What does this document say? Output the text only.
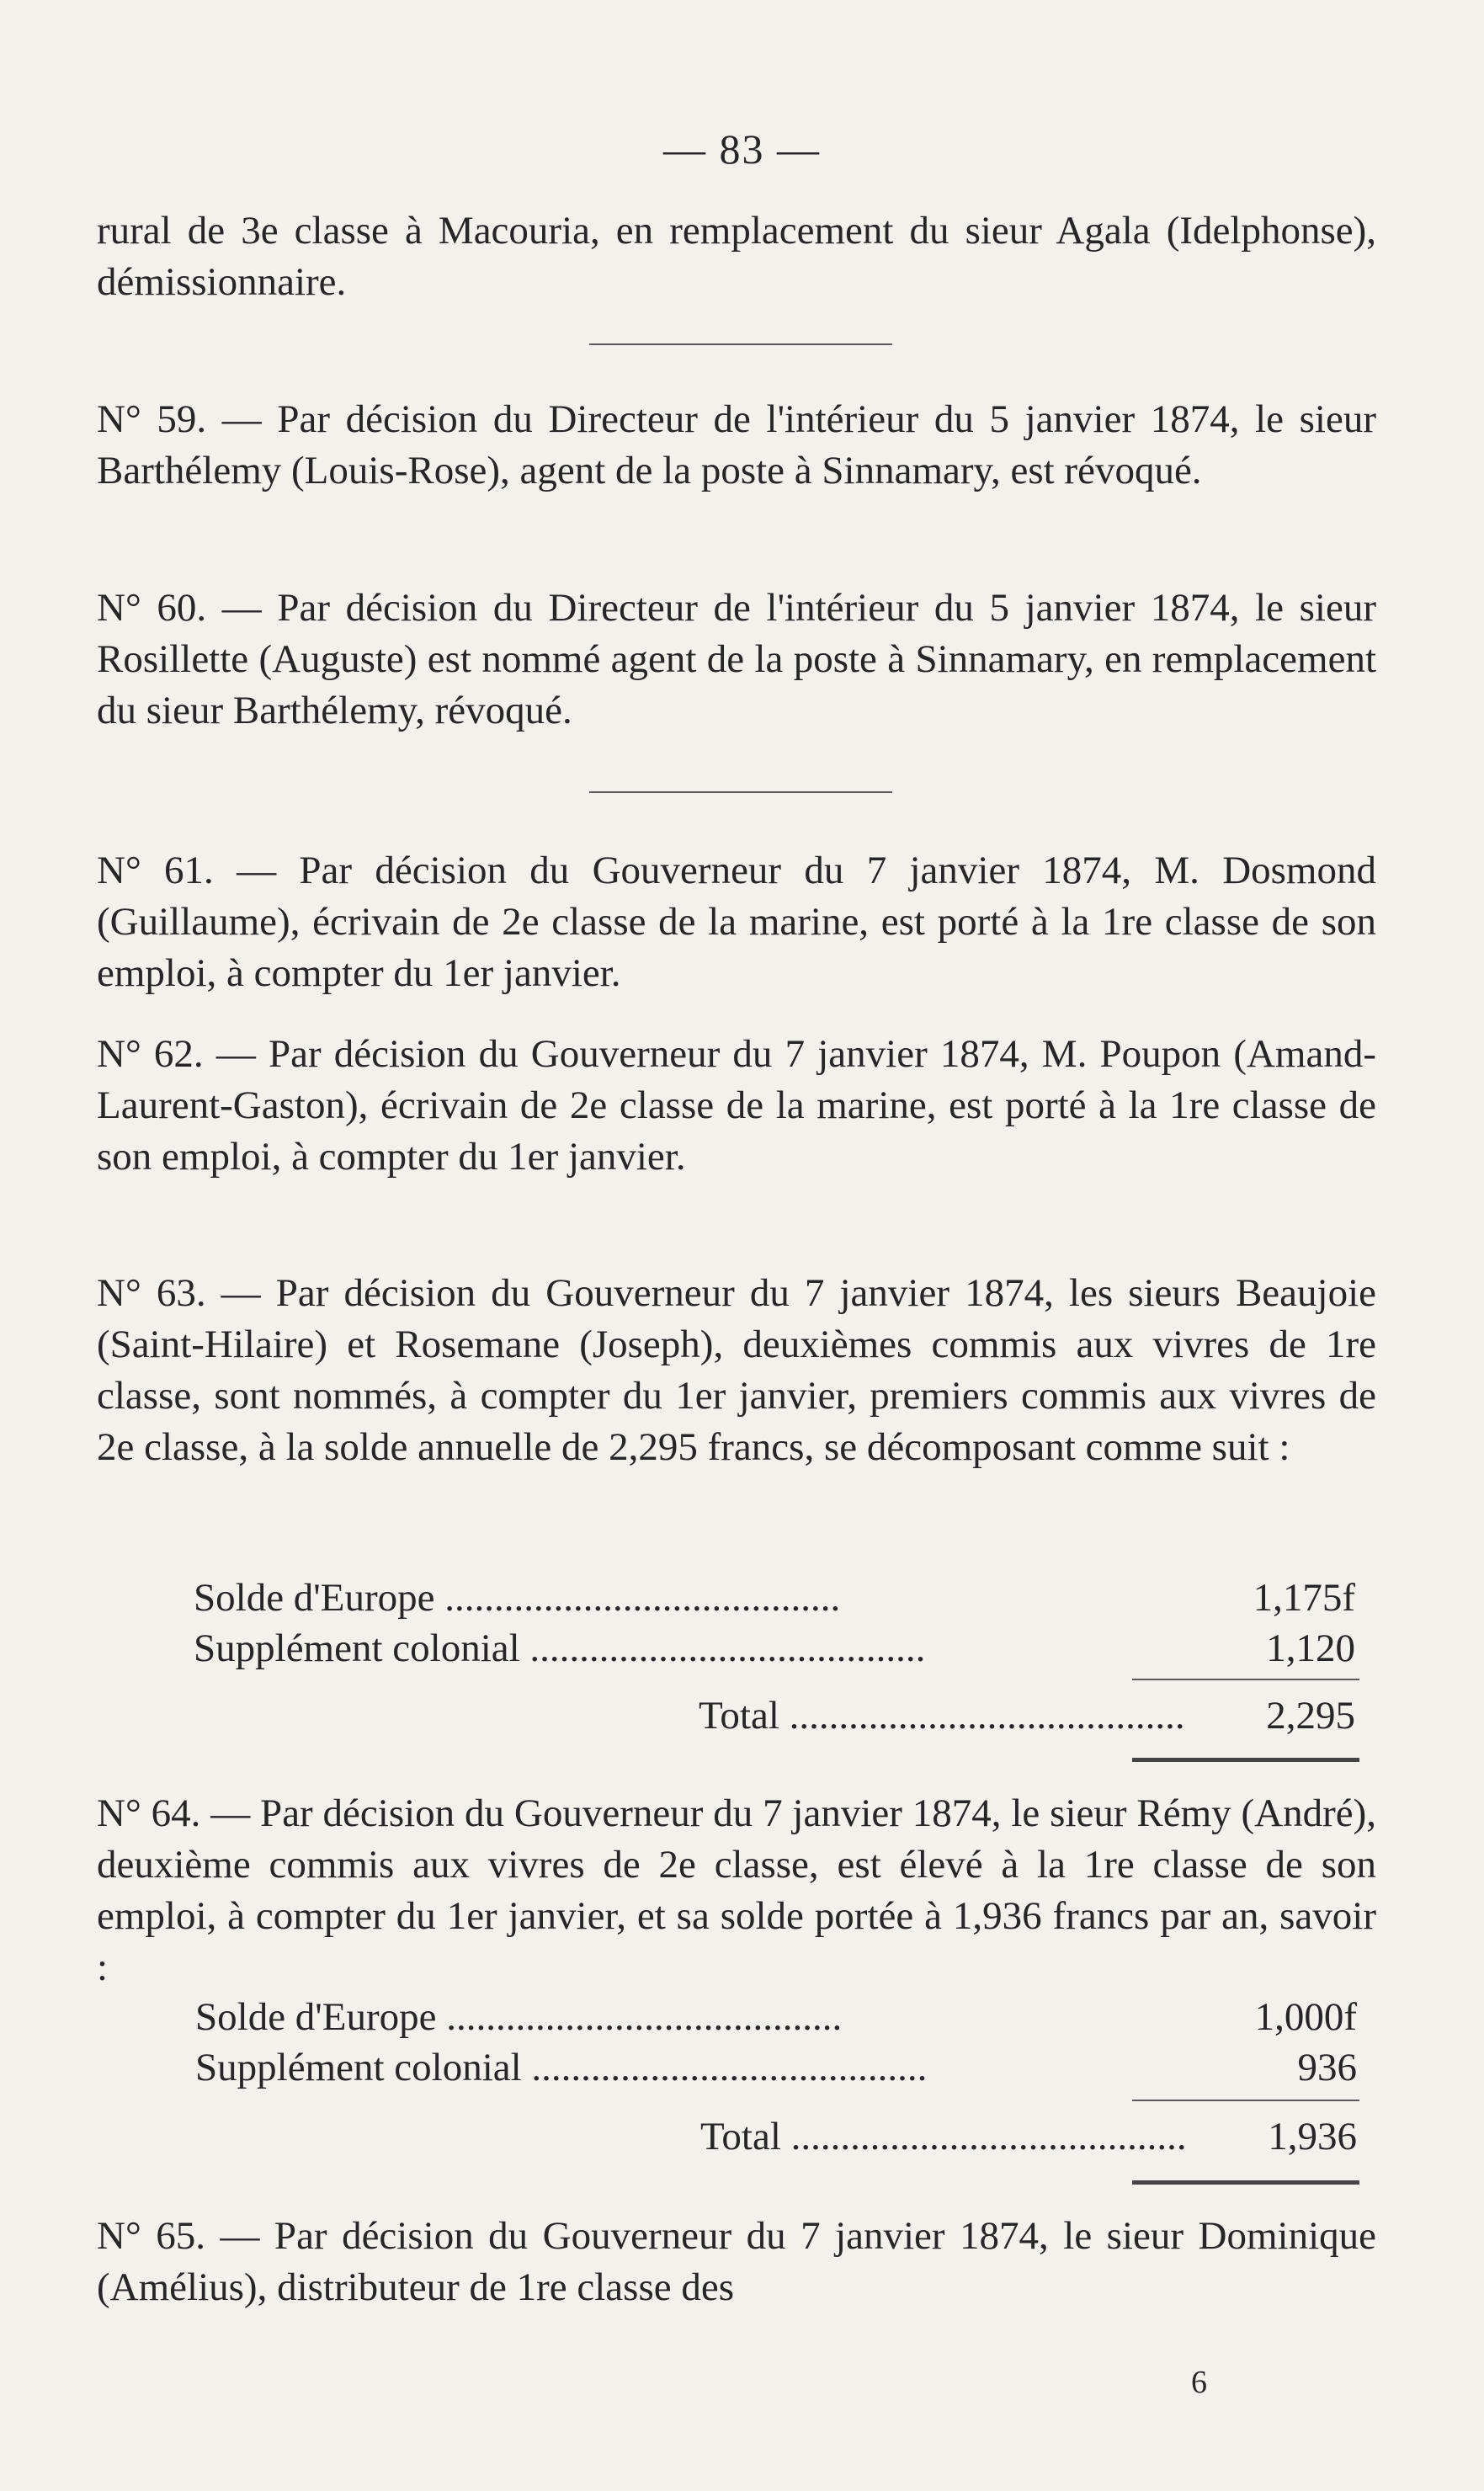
— 83 —

rural de 3e classe à Macouria, en remplacement du sieur Agala (Idelphonse), démissionnaire.

N° 59. — Par décision du Directeur de l'intérieur du 5 janvier 1874, le sieur Barthélemy (Louis-Rose), agent de la poste à Sinnamary, est révoqué.

N° 60. — Par décision du Directeur de l'intérieur du 5 janvier 1874, le sieur Rosillette (Auguste) est nommé agent de la poste à Sinnamary, en remplacement du sieur Barthélemy, révoqué.

N° 61. — Par décision du Gouverneur du 7 janvier 1874, M. Dosmond (Guillaume), écrivain de 2e classe de la marine, est porté à la 1re classe de son emploi, à compter du 1er janvier.

N° 62. — Par décision du Gouverneur du 7 janvier 1874, M. Poupon (Amand-Laurent-Gaston), écrivain de 2e classe de la marine, est porté à la 1re classe de son emploi, à compter du 1er janvier.

N° 63. — Par décision du Gouverneur du 7 janvier 1874, les sieurs Beaujoie (Saint-Hilaire) et Rosemane (Joseph), deuxièmes commis aux vivres de 1re classe, sont nommés, à compter du 1er janvier, premiers commis aux vivres de 2e classe, à la solde annuelle de 2,295 francs, se décomposant comme suit :

Solde d'Europe ........................................	1,175f
Supplément colonial ........................................	1,120
Total ........................................	2,295

N° 64. — Par décision du Gouverneur du 7 janvier 1874, le sieur Rémy (André), deuxième commis aux vivres de 2e classe, est élevé à la 1re classe de son emploi, à compter du 1er janvier, et sa solde portée à 1,936 francs par an, savoir :

Solde d'Europe ........................................	1,000f
Supplément colonial ........................................	936
Total ........................................	1,936

N° 65. — Par décision du Gouverneur du 7 janvier 1874, le sieur Dominique (Amélius), distributeur de 1re classe des

6
